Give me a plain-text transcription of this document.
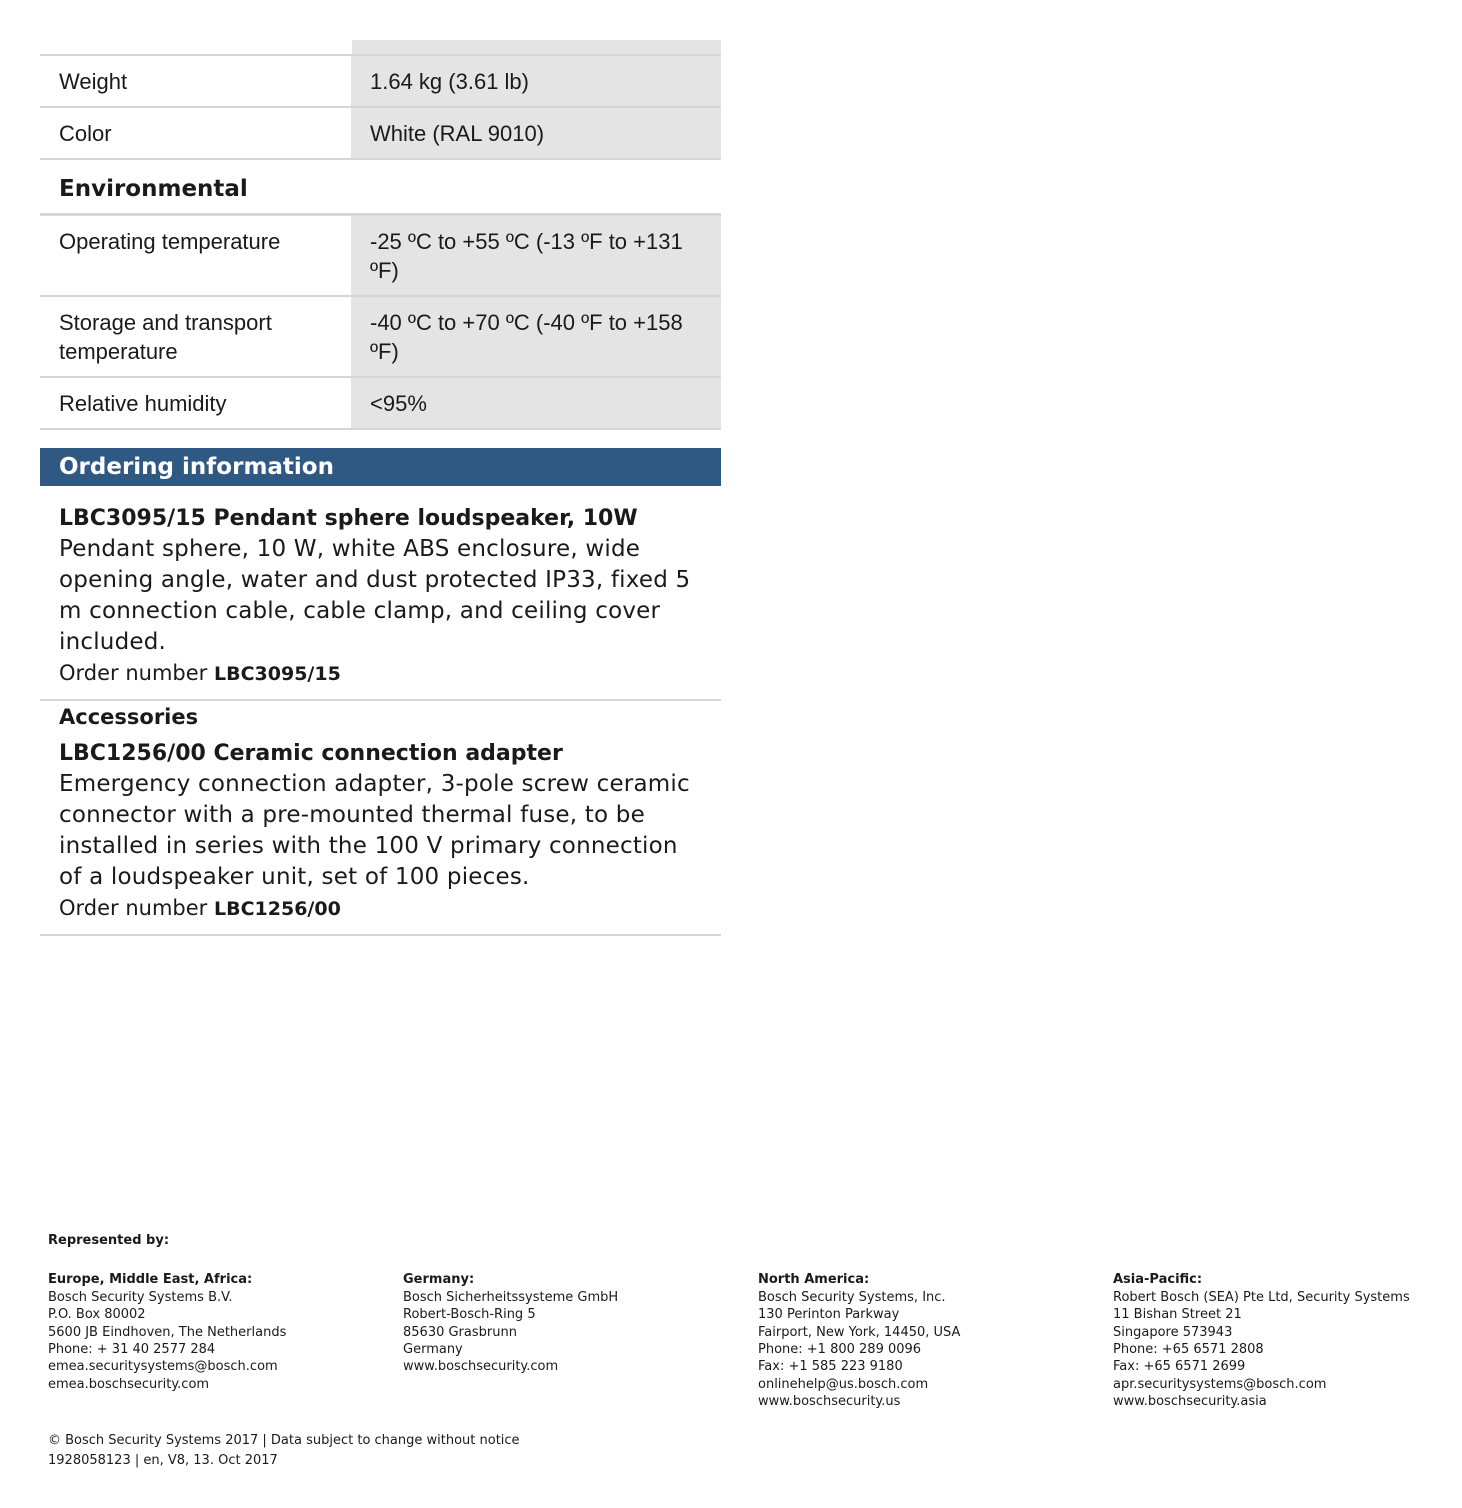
Weight	1.64 kg (3.61 lb)
Color	White (RAL 9010)
Environmental
Operating temperature	-25 ºC to +55 ºC (-13 ºF to +131 ºF)
Storage and transport temperature	-40 ºC to +70 ºC (-40 ºF to +158 ºF)
Relative humidity	<95%
Ordering information
LBC3095/15 Pendant sphere loudspeaker, 10W
Pendant sphere, 10 W, white ABS enclosure, wide opening angle, water and dust protected IP33, fixed 5 m connection cable, cable clamp, and ceiling cover included.
Order number LBC3095/15
Accessories
LBC1256/00 Ceramic connection adapter
Emergency connection adapter, 3-pole screw ceramic connector with a pre-mounted thermal fuse, to be installed in series with the 100 V primary connection of a loudspeaker unit, set of 100 pieces.
Order number LBC1256/00
Represented by:
Europe, Middle East, Africa:
Bosch Security Systems B.V.
P.O. Box 80002
5600 JB Eindhoven, The Netherlands
Phone: + 31 40 2577 284
emea.securitysystems@bosch.com
emea.boschsecurity.com
Germany:
Bosch Sicherheitssysteme GmbH
Robert-Bosch-Ring 5
85630 Grasbrunn
Germany
www.boschsecurity.com
North America:
Bosch Security Systems, Inc.
130 Perinton Parkway
Fairport, New York, 14450, USA
Phone: +1 800 289 0096
Fax: +1 585 223 9180
onlinehelp@us.bosch.com
www.boschsecurity.us
Asia-Pacific:
Robert Bosch (SEA) Pte Ltd, Security Systems
11 Bishan Street 21
Singapore 573943
Phone: +65 6571 2808
Fax: +65 6571 2699
apr.securitysystems@bosch.com
www.boschsecurity.asia
© Bosch Security Systems 2017 | Data subject to change without notice
1928058123 | en, V8, 13. Oct 2017
